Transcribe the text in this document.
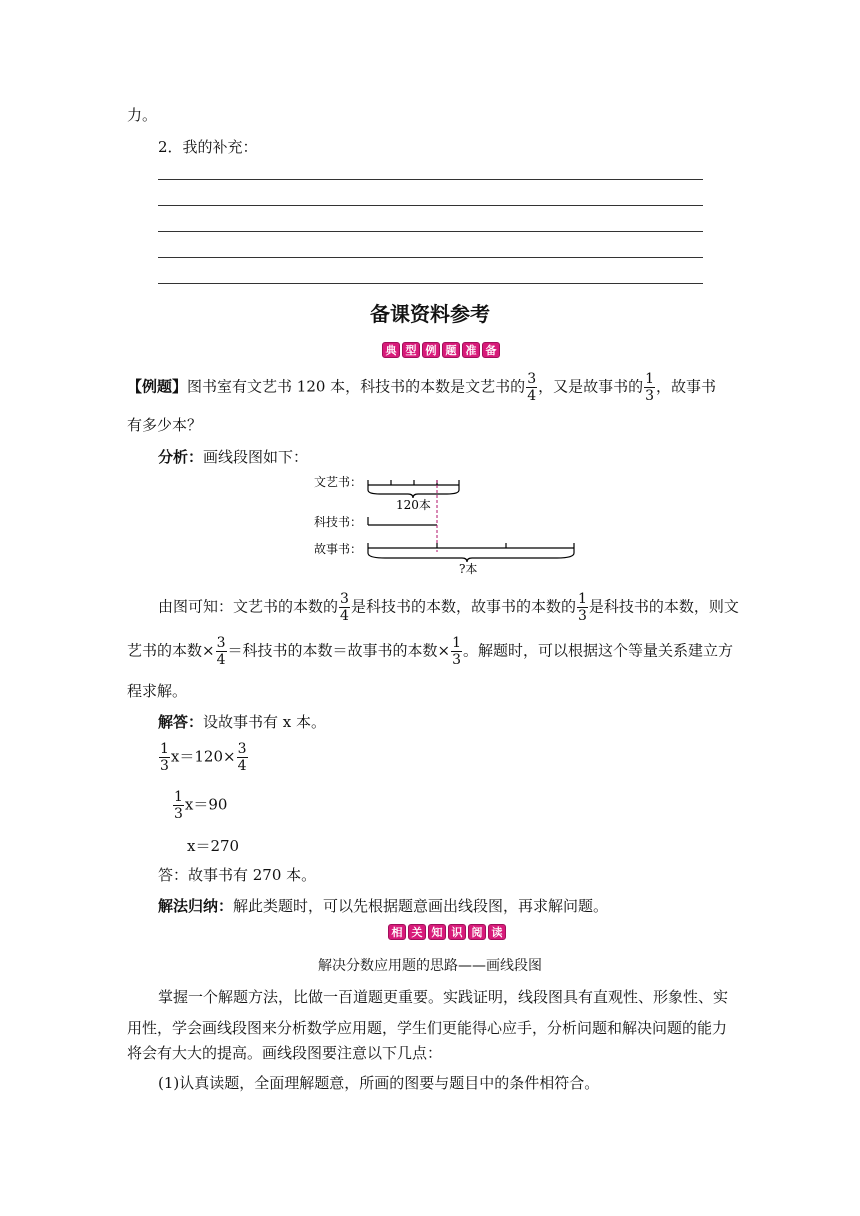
力。
2．我的补充：
备课资料参考
典 型 例 题 准 备
【例题】图书室有文艺书 120 本，科技书的本数是文艺书的 $\frac{3}{4}$ ，又是故事书的 $\frac{1}{3}$ ，故事书
有多少本？
分析：画线段图如下：
文艺书：
120本
科技书：
故事书：
?本
由图可知：文艺书的本数的 $\frac{3}{4}$ 是科技书的本数，故事书的本数的 $\frac{1}{3}$ 是科技书的本数，则文
艺书的本数× $\frac{3}{4}$ ＝科技书的本数＝故事书的本数× $\frac{1}{3}$ 。解题时，可以根据这个等量关系建立方
程求解。
解答：设故事书有 x 本。
$\frac{1}{3} x=120\times \frac{3}{4}$
$\frac{1}{3} x=90$
x＝270
答：故事书有 270 本。
解法归纳：解此类题时，可以先根据题意画出线段图，再求解问题。
相 关 知 识 阅 读
解决分数应用题的思路——画线段图
掌握一个解题方法，比做一百道题更重要。实践证明，线段图具有直观性、形象性、实
用性，学会画线段图来分析数学应用题，学生们更能得心应手，分析问题和解决问题的能力
将会有大大的提高。画线段图要注意以下几点：
(1)认真读题，全面理解题意，所画的图要与题目中的条件相符合。
